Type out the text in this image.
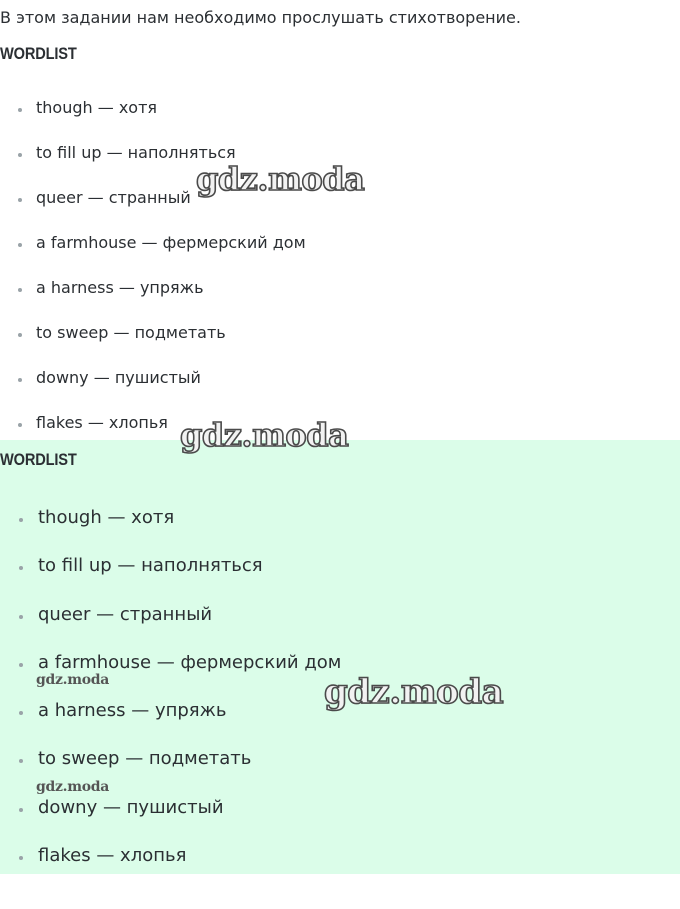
В этом задании нам необходимо прослушать стихотворение.
WORDLIST
though — хотя
to fill up — наполняться
queer — странный
a farmhouse — фермерский дом
a harness — упряжь
to sweep — подметать
downy — пушистый
flakes — хлопья
WORDLIST
though — хотя
to fill up — наполняться
queer — странный
a farmhouse — фермерский дом
a harness — упряжь
to sweep — подметать
downy — пушистый
flakes — хлопья
gdz.moda
gdz.moda
gdz.moda
gdz.moda
gdz.moda
